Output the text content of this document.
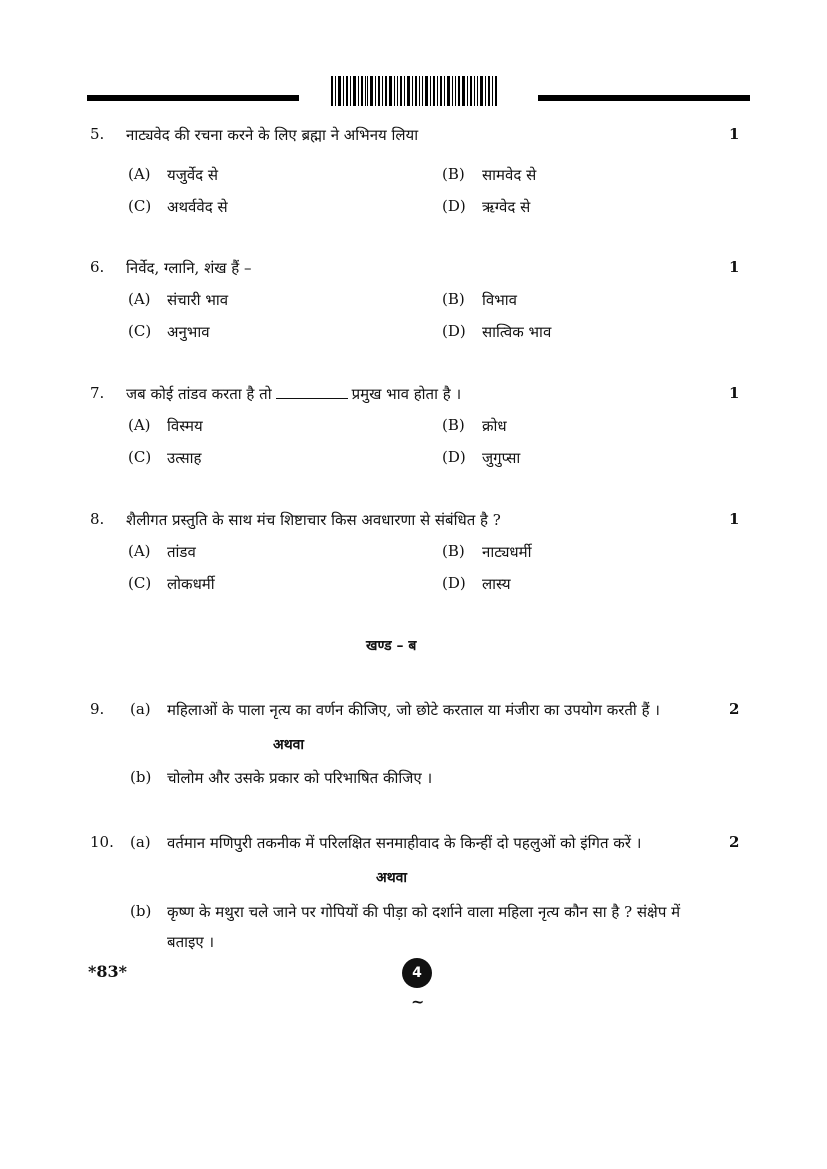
5. नाट्यवेद की रचना करने के लिए ब्रह्मा ने अभिनय लिया	1
(A) यजुर्वेद से	(B) सामवेद से
(C) अथर्ववेद से	(D) ऋग्वेद से
6. निर्वेद, ग्लानि, शंख हैं –	1
(A) संचारी भाव	(B) विभाव
(C) अनुभाव	(D) सात्विक भाव
7. जब कोई तांडव करता है तो	प्रमुख भाव होता है ।	1
(A) विस्मय	(B) क्रोध
(C) उत्साह	(D) जुगुप्सा
8. शैलीगत प्रस्तुति के साथ मंच शिष्टाचार किस अवधारणा से संबंधित है ?	1
(A) तांडव	(B) नाट्यधर्मी
(C) लोकधर्मी	(D) लास्य
खण्ड – ब
9. (a) महिलाओं के पाला नृत्य का वर्णन कीजिए, जो छोटे करताल या मंजीरा का उपयोग करती हैं ।	2
अथवा
(b) चोलोम और उसके प्रकार को परिभाषित कीजिए ।
10. (a) वर्तमान मणिपुरी तकनीक में परिलक्षित सनमाहीवाद के किन्हीं दो पहलुओं को इंगित करें ।	2
अथवा
(b) कृष्ण के मथुरा चले जाने पर गोपियों की पीड़ा को दर्शाने वाला महिला नृत्य कौन सा है ? संक्षेप में
बताइए ।
*83*	4
~
